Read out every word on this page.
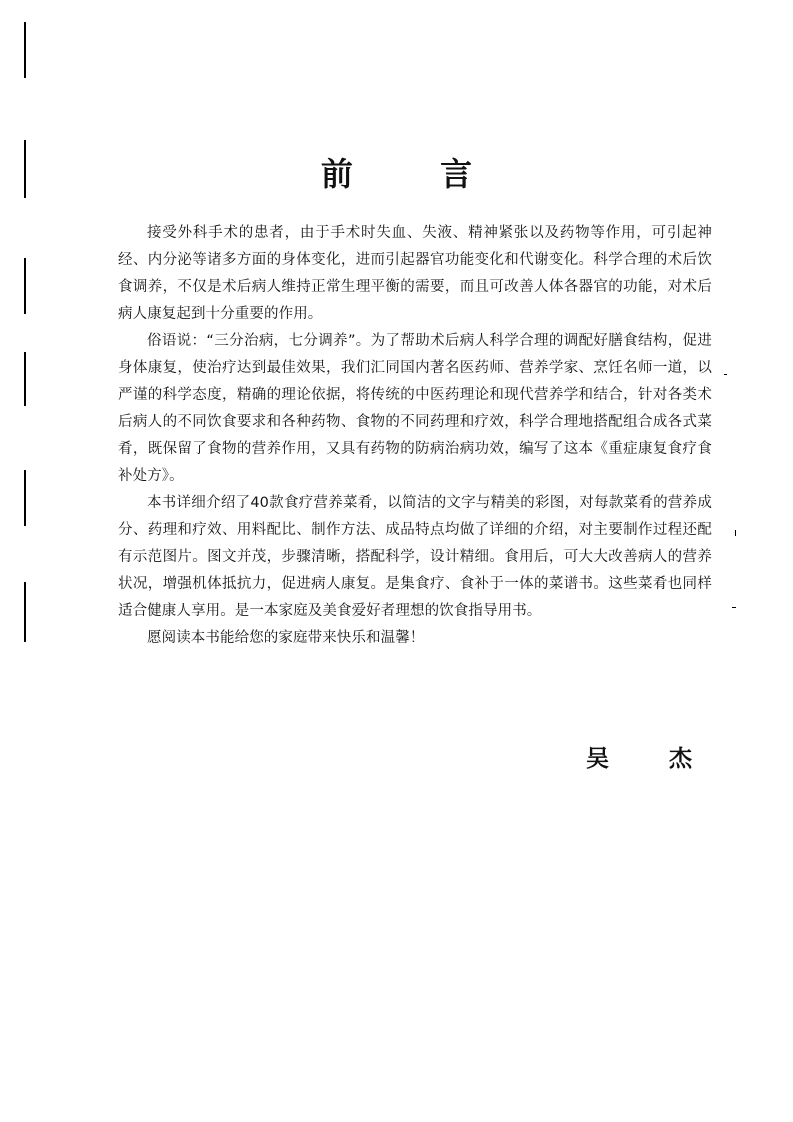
前 言

接受外科手术的患者，由于手术时失血、失液、精神紧张以及药物等作用，可引起神经、内分泌等诸多方面的身体变化，进而引起器官功能变化和代谢变化。科学合理的术后饮食调养，不仅是术后病人维持正常生理平衡的需要，而且可改善人体各器官的功能，对术后病人康复起到十分重要的作用。

俗语说：“三分治病，七分调养”。为了帮助术后病人科学合理的调配好膳食结构，促进身体康复，使治疗达到最佳效果，我们汇同国内著名医药师、营养学家、烹饪名师一道，以严谨的科学态度，精确的理论依据，将传统的中医药理论和现代营养学和结合，针对各类术后病人的不同饮食要求和各种药物、食物的不同药理和疗效，科学合理地搭配组合成各式菜肴，既保留了食物的营养作用，又具有药物的防病治病功效，编写了这本《重症康复食疗食补处方》。

本书详细介绍了40款食疗营养菜肴，以简洁的文字与精美的彩图，对每款菜肴的营养成分、药理和疗效、用料配比、制作方法、成品特点均做了详细的介绍，对主要制作过程还配有示范图片。图文并茂，步骤清晰，搭配科学，设计精细。食用后，可大大改善病人的营养状况，增强机体抵抗力，促进病人康复。是集食疗、食补于一体的菜谱书。这些菜肴也同样适合健康人享用。是一本家庭及美食爱好者理想的饮食指导用书。

愿阅读本书能给您的家庭带来快乐和温馨！

吴 杰
